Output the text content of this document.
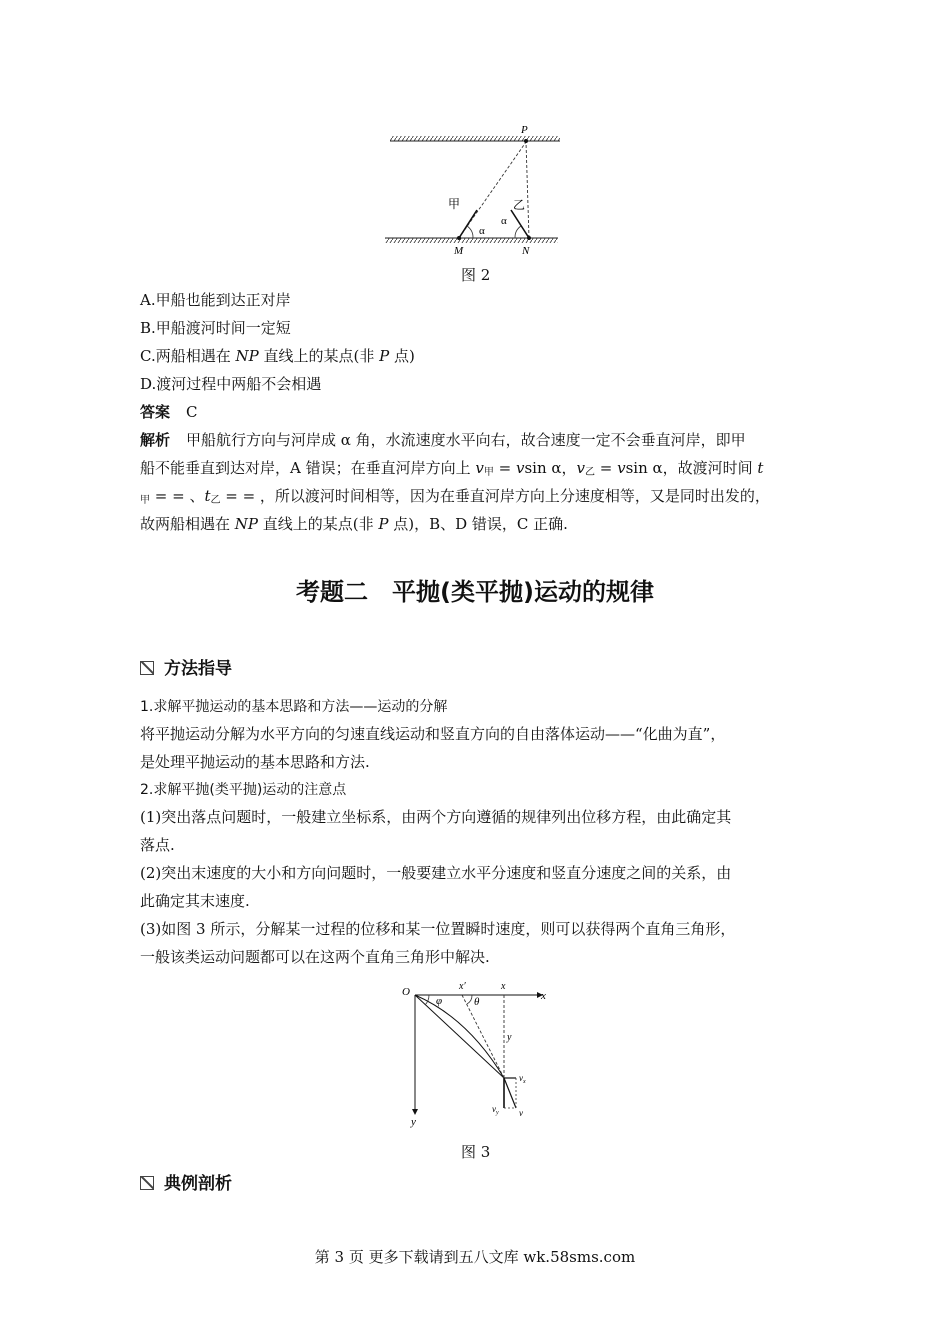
P
M	N
甲	乙
α
α
图 2
A.甲船也能到达正对岸
B.甲船渡河时间一定短
C.两船相遇在 NP 直线上的某点(非 P 点)
D.渡河过程中两船不会相遇
答案 C
解析 甲船航行方向与河岸成 α 角，水流速度水平向右，故合速度一定不会垂直河岸，即甲
船不能垂直到达对岸，A 错误；在垂直河岸方向上 $v_甲 = vsin$ α，$v_乙 = vsin$ α，故渡河时间 t
$_甲$ = = 、$t_乙$ = = ，所以渡河时间相等，因为在垂直河岸方向上分速度相等，又是同时出发的，
故两船相遇在 NP 直线上的某点(非 P 点)，B、D 错误，C 正确.
考题二　平抛(类平抛)运动的规律
方法指导
1.求解平抛运动的基本思路和方法——运动的分解
将平抛运动分解为水平方向的匀速直线运动和竖直方向的自由落体运动——“化曲为直”，
是处理平抛运动的基本思路和方法.
2.求解平抛(类平抛)运动的注意点
(1)突出落点问题时，一般建立坐标系，由两个方向遵循的规律列出位移方程，由此确定其
落点.
(2)突出末速度的大小和方向问题时，一般要建立水平分速度和竖直分速度之间的关系，由
此确定其末速度.
(3)如图 3 所示，分解某一过程的位移和某一位置瞬时速度，则可以获得两个直角三角形，
一般该类运动问题都可以在这两个直角三角形中解决.
O	x
y
x′	x
φ	θ
y
$v_x$
$v_y$ v
图 3
典例剖析
第 3 页 更多下载请到五八文库 wk.58sms.com
